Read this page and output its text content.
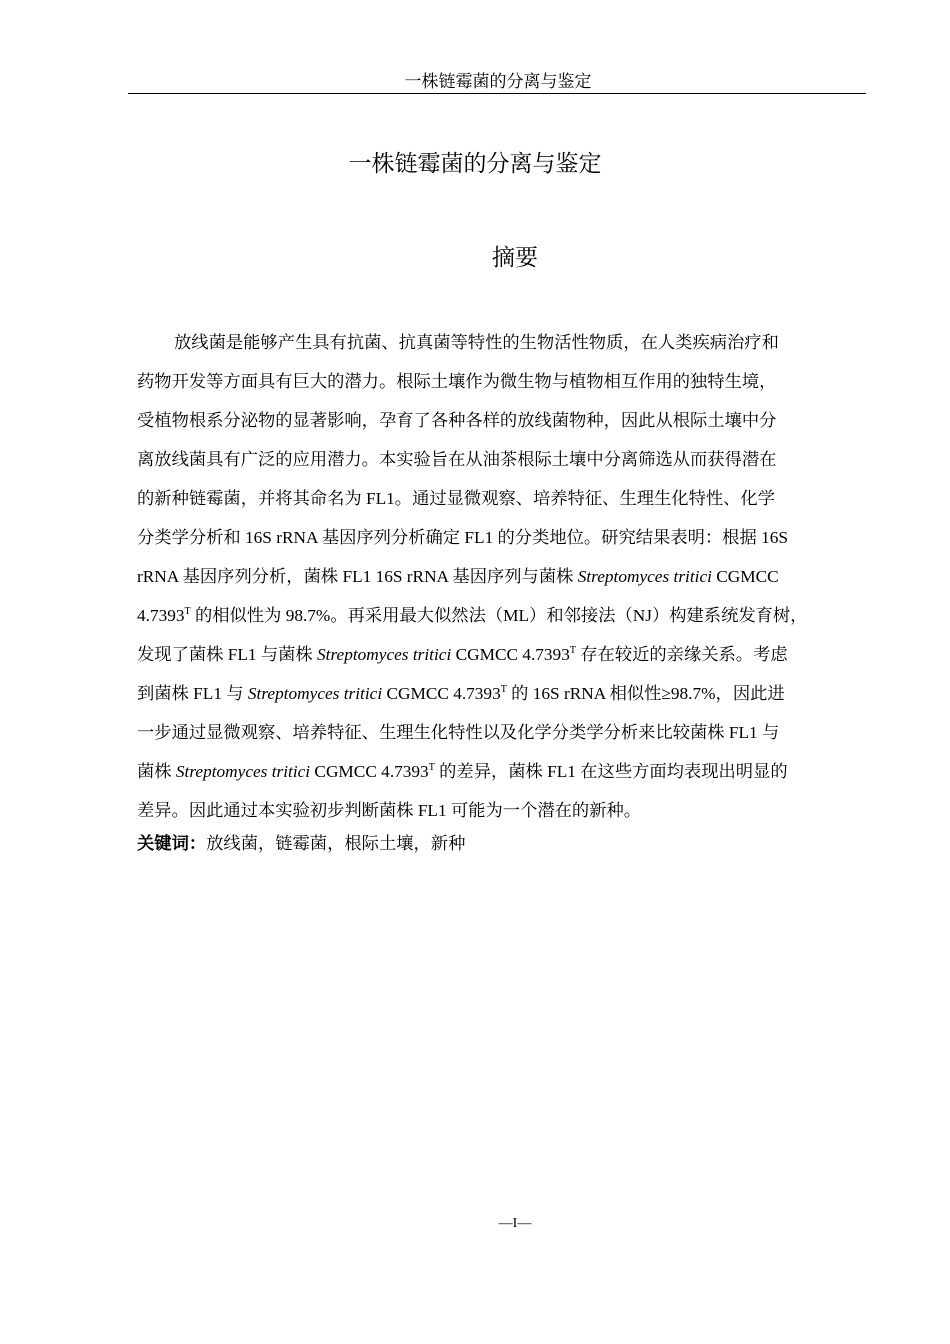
一株链霉菌的分离与鉴定
一株链霉菌的分离与鉴定
摘要
放线菌是能够产生具有抗菌、抗真菌等特性的生物活性物质，在人类疾病治疗和
药物开发等方面具有巨大的潜力。根际土壤作为微生物与植物相互作用的独特生境，
受植物根系分泌物的显著影响，孕育了各种各样的放线菌物种，因此从根际土壤中分
离放线菌具有广泛的应用潜力。本实验旨在从油茶根际土壤中分离筛选从而获得潜在
的新种链霉菌，并将其命名为 FL1。通过显微观察、培养特征、生理生化特性、化学
分类学分析和 16S rRNA 基因序列分析确定 FL1 的分类地位。研究结果表明：根据 16S
rRNA 基因序列分析，菌株 FL1 16S rRNA 基因序列与菌株 Streptomyces tritici CGMCC
$4.7393^T$ 的相似性为 98.7%。再采用最大似然法（ML）和邻接法（NJ）构建系统发育树，
发现了菌株 FL1 与菌株 Streptomyces tritici CGMCC $4.7393^T$ 存在较近的亲缘关系。考虑
到菌株 FL1 与 Streptomyces tritici CGMCC $4.7393^T$ 的 16S rRNA 相似性≥98.7%，因此进
一步通过显微观察、培养特征、生理生化特性以及化学分类学分析来比较菌株 FL1 与
菌株 Streptomyces tritici CGMCC $4.7393^T$ 的差异，菌株 FL1 在这些方面均表现出明显的
差异。因此通过本实验初步判断菌株 FL1 可能为一个潜在的新种。
关键词：放线菌，链霉菌，根际土壤，新种
—I—
